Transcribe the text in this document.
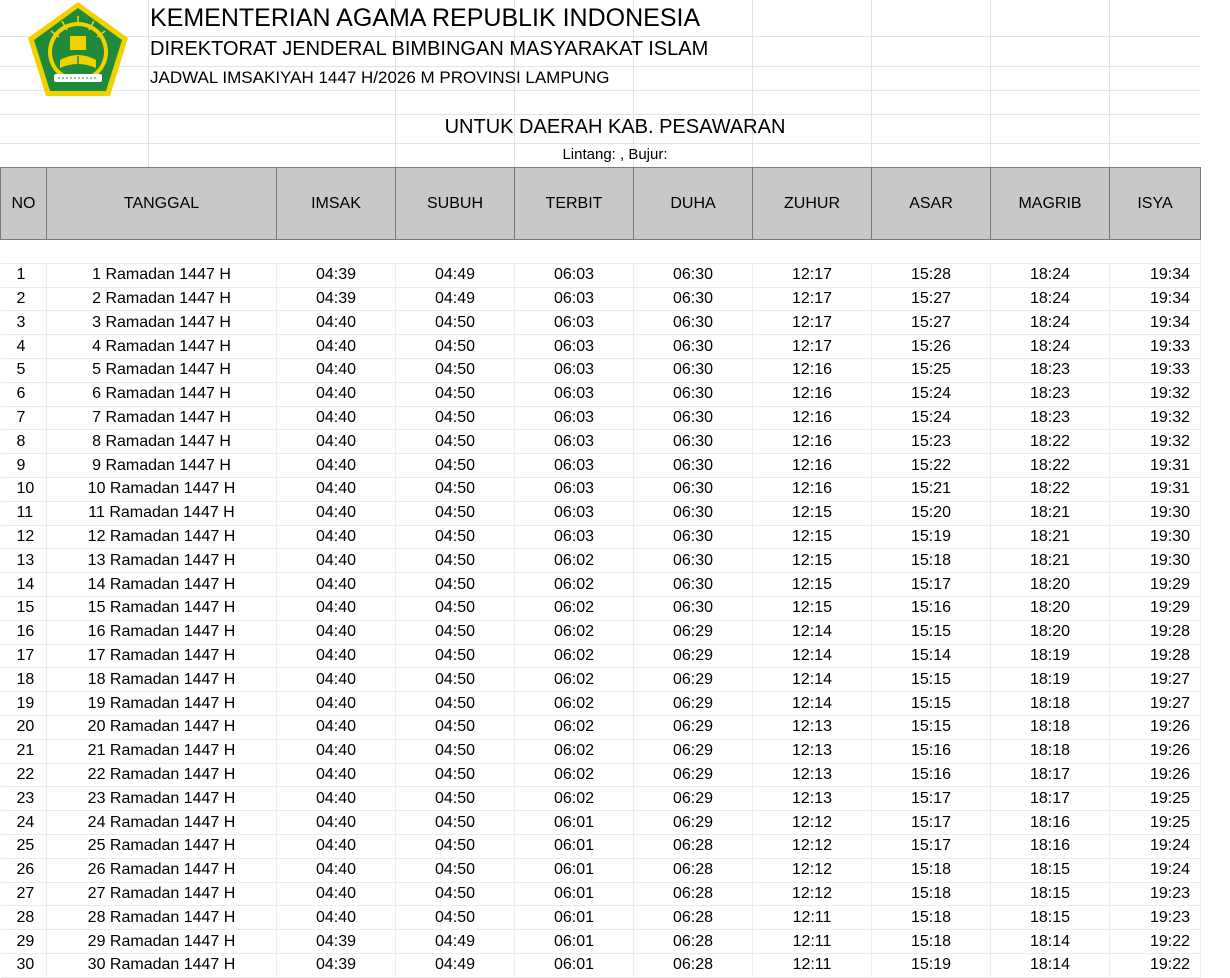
KEMENTERIAN AGAMA REPUBLIK INDONESIA
DIREKTORAT JENDERAL BIMBINGAN MASYARAKAT ISLAM
JADWAL IMSAKIYAH 1447 H/2026 M PROVINSI LAMPUNG
UNTUK DAERAH KAB. PESAWARAN
Lintang: , Bujur:
NO	TANGGAL	IMSAK	SUBUH	TERBIT	DUHA	ZUHUR	ASAR	MAGRIB	ISYA

1	1 Ramadan 1447 H	04:39	04:49	06:03	06:30	12:17	15:28	18:24	19:34
2	2 Ramadan 1447 H	04:39	04:49	06:03	06:30	12:17	15:27	18:24	19:34
3	3 Ramadan 1447 H	04:40	04:50	06:03	06:30	12:17	15:27	18:24	19:34
4	4 Ramadan 1447 H	04:40	04:50	06:03	06:30	12:17	15:26	18:24	19:33
5	5 Ramadan 1447 H	04:40	04:50	06:03	06:30	12:16	15:25	18:23	19:33
6	6 Ramadan 1447 H	04:40	04:50	06:03	06:30	12:16	15:24	18:23	19:32
7	7 Ramadan 1447 H	04:40	04:50	06:03	06:30	12:16	15:24	18:23	19:32
8	8 Ramadan 1447 H	04:40	04:50	06:03	06:30	12:16	15:23	18:22	19:32
9	9 Ramadan 1447 H	04:40	04:50	06:03	06:30	12:16	15:22	18:22	19:31
10	10 Ramadan 1447 H	04:40	04:50	06:03	06:30	12:16	15:21	18:22	19:31
11	11 Ramadan 1447 H	04:40	04:50	06:03	06:30	12:15	15:20	18:21	19:30
12	12 Ramadan 1447 H	04:40	04:50	06:03	06:30	12:15	15:19	18:21	19:30
13	13 Ramadan 1447 H	04:40	04:50	06:02	06:30	12:15	15:18	18:21	19:30
14	14 Ramadan 1447 H	04:40	04:50	06:02	06:30	12:15	15:17	18:20	19:29
15	15 Ramadan 1447 H	04:40	04:50	06:02	06:30	12:15	15:16	18:20	19:29
16	16 Ramadan 1447 H	04:40	04:50	06:02	06:29	12:14	15:15	18:20	19:28
17	17 Ramadan 1447 H	04:40	04:50	06:02	06:29	12:14	15:14	18:19	19:28
18	18 Ramadan 1447 H	04:40	04:50	06:02	06:29	12:14	15:15	18:19	19:27
19	19 Ramadan 1447 H	04:40	04:50	06:02	06:29	12:14	15:15	18:18	19:27
20	20 Ramadan 1447 H	04:40	04:50	06:02	06:29	12:13	15:15	18:18	19:26
21	21 Ramadan 1447 H	04:40	04:50	06:02	06:29	12:13	15:16	18:18	19:26
22	22 Ramadan 1447 H	04:40	04:50	06:02	06:29	12:13	15:16	18:17	19:26
23	23 Ramadan 1447 H	04:40	04:50	06:02	06:29	12:13	15:17	18:17	19:25
24	24 Ramadan 1447 H	04:40	04:50	06:01	06:29	12:12	15:17	18:16	19:25
25	25 Ramadan 1447 H	04:40	04:50	06:01	06:28	12:12	15:17	18:16	19:24
26	26 Ramadan 1447 H	04:40	04:50	06:01	06:28	12:12	15:18	18:15	19:24
27	27 Ramadan 1447 H	04:40	04:50	06:01	06:28	12:12	15:18	18:15	19:23
28	28 Ramadan 1447 H	04:40	04:50	06:01	06:28	12:11	15:18	18:15	19:23
29	29 Ramadan 1447 H	04:39	04:49	06:01	06:28	12:11	15:18	18:14	19:22
30	30 Ramadan 1447 H	04:39	04:49	06:01	06:28	12:11	15:19	18:14	19:22
